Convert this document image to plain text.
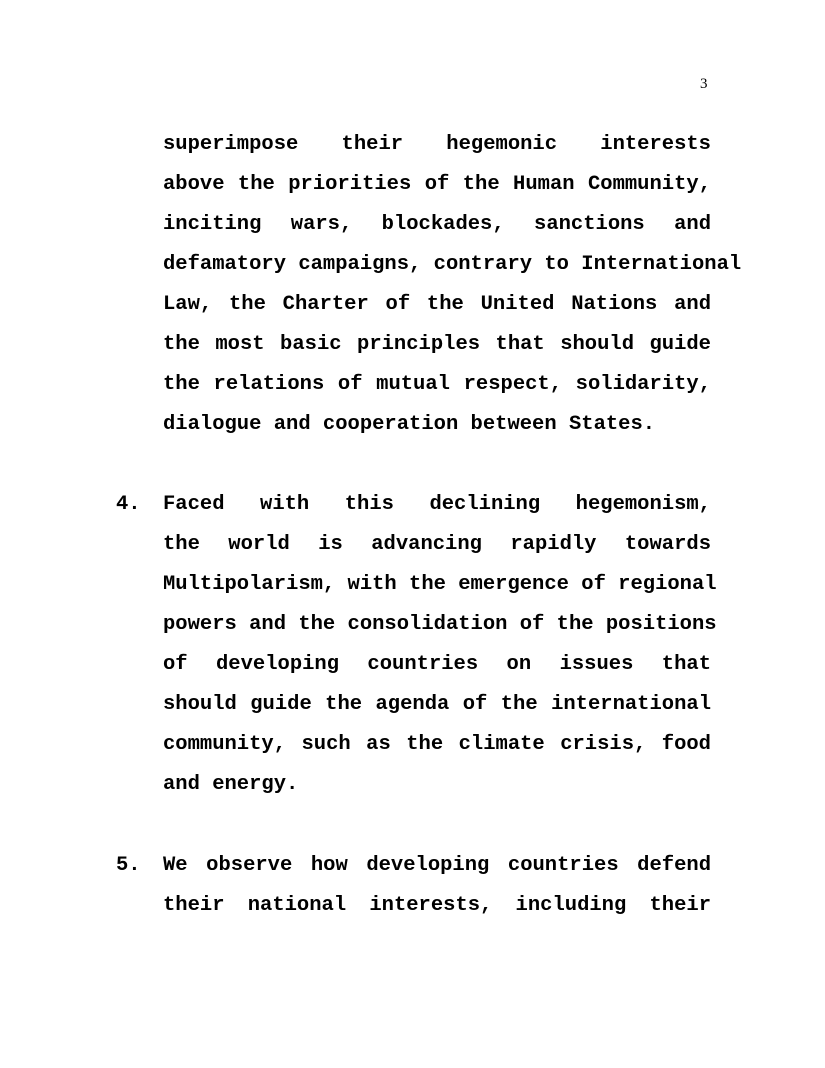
3
superimpose their hegemonic interests
above the priorities of the Human Community,
inciting wars, blockades, sanctions and
defamatory campaigns, contrary to International
Law, the Charter of the United Nations and
the most basic principles that should guide
the relations of mutual respect, solidarity,
dialogue and cooperation between States.
4. Faced with this declining hegemonism,
the world is advancing rapidly towards
Multipolarism, with the emergence of regional
powers and the consolidation of the positions
of developing countries on issues that
should guide the agenda of the international
community, such as the climate crisis, food
and energy.
5. We observe how developing countries defend
their national interests, including their
